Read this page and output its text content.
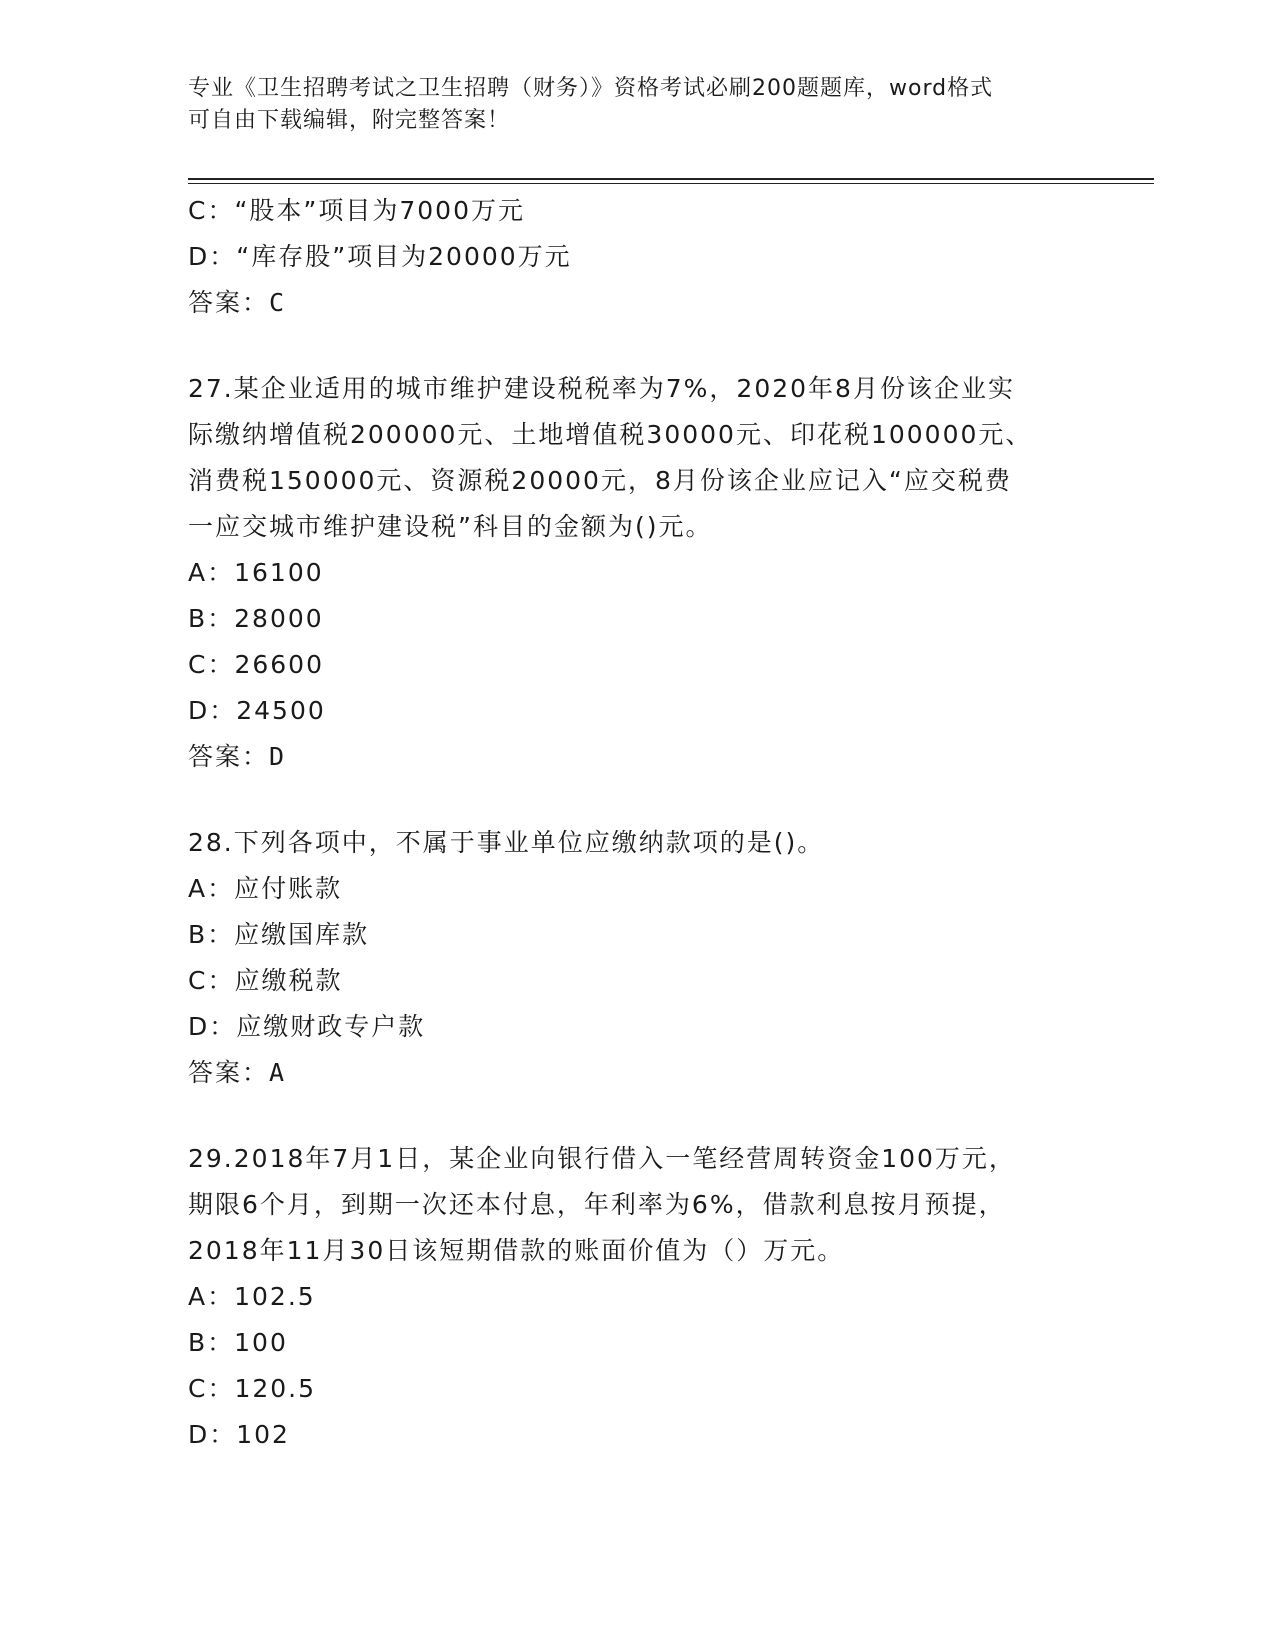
专业《卫生招聘考试之卫生招聘（财务）》资格考试必刷200题题库，word格式
可自由下载编辑，附完整答案！
C：“股本”项目为7000万元
D：“库存股”项目为20000万元
答案：C
27.某企业适用的城市维护建设税税率为7%，2020年8月份该企业实
际缴纳增值税200000元、土地增值税30000元、印花税100000元、
消费税150000元、资源税20000元，8月份该企业应记入“应交税费
一应交城市维护建设税”科目的金额为()元。
A：16100
B：28000
C：26600
D：24500
答案：D
28.下列各项中，不属于事业单位应缴纳款项的是()。
A：应付账款
B：应缴国库款
C：应缴税款
D：应缴财政专户款
答案：A
29.2018年7月1日，某企业向银行借入一笔经营周转资金100万元，
期限6个月，到期一次还本付息，年利率为6%，借款利息按月预提，
2018年11月30日该短期借款的账面价值为（）万元。
A：102.5
B：100
C：120.5
D：102
